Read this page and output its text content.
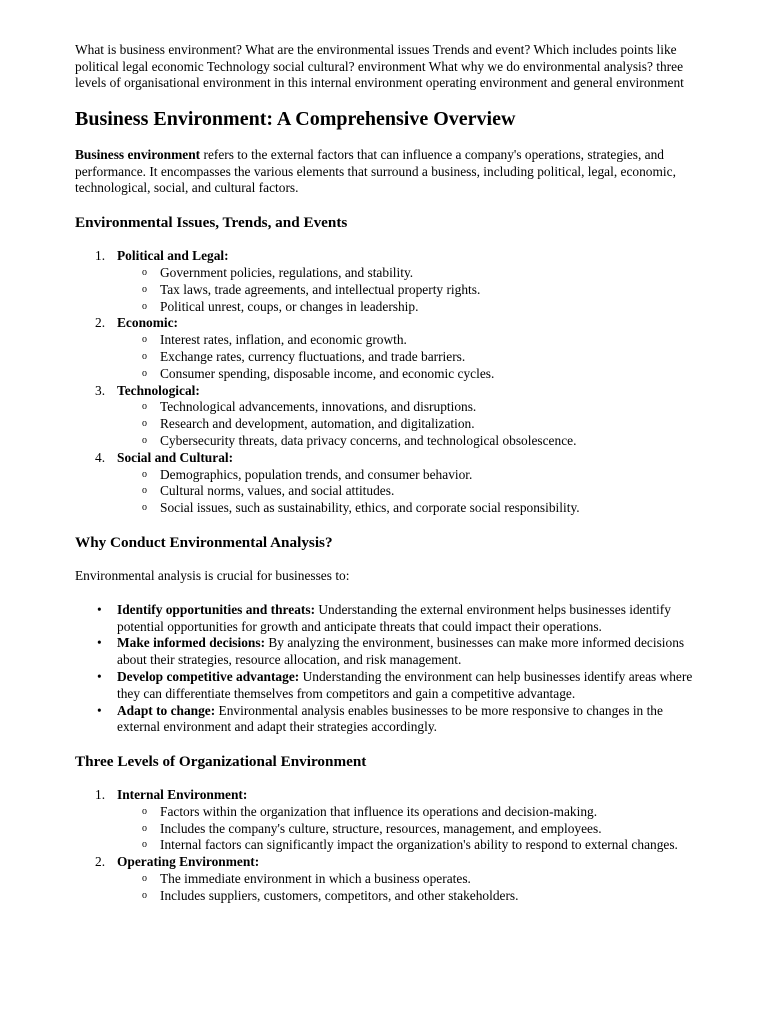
What is business environment? What are the environmental issues Trends and event? Which includes points like political legal economic Technology social cultural? environment What why we do environmental analysis? three levels of organisational environment in this internal environment operating environment and general environment
Business Environment: A Comprehensive Overview

Business environment refers to the external factors that can influence a company's operations, strategies, and performance. It encompasses the various elements that surround a business, including political, legal, economic, technological, social, and cultural factors.

Environmental Issues, Trends, and Events
1. Political and Legal:
o Government policies, regulations, and stability.
o Tax laws, trade agreements, and intellectual property rights.
o Political unrest, coups, or changes in leadership.
2. Economic:
o Interest rates, inflation, and economic growth.
o Exchange rates, currency fluctuations, and trade barriers.
o Consumer spending, disposable income, and economic cycles.
3. Technological:
o Technological advancements, innovations, and disruptions.
o Research and development, automation, and digitalization.
o Cybersecurity threats, data privacy concerns, and technological obsolescence.
4. Social and Cultural:
o Demographics, population trends, and consumer behavior.
o Cultural norms, values, and social attitudes.
o Social issues, such as sustainability, ethics, and corporate social responsibility.
Why Conduct Environmental Analysis?

Environmental analysis is crucial for businesses to:

• Identify opportunities and threats: Understanding the external environment helps businesses identify potential opportunities for growth and anticipate threats that could impact their operations.
• Make informed decisions: By analyzing the environment, businesses can make more informed decisions about their strategies, resource allocation, and risk management.
• Develop competitive advantage: Understanding the environment can help businesses identify areas where they can differentiate themselves from competitors and gain a competitive advantage.
• Adapt to change: Environmental analysis enables businesses to be more responsive to changes in the external environment and adapt their strategies accordingly.
Three Levels of Organizational Environment
1. Internal Environment:
o Factors within the organization that influence its operations and decision-making.
o Includes the company's culture, structure, resources, management, and employees.
o Internal factors can significantly impact the organization's ability to respond to external changes.
2. Operating Environment:
o The immediate environment in which a business operates.
o Includes suppliers, customers, competitors, and other stakeholders.
